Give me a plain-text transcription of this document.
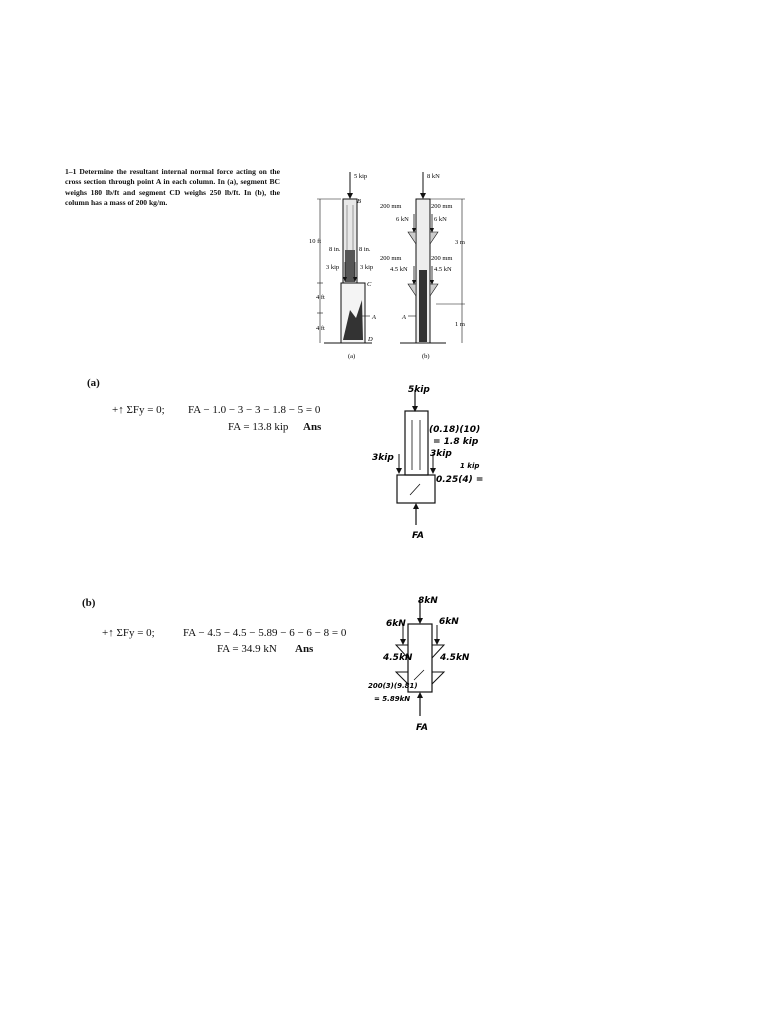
1–1 Determine the resultant internal normal force acting on the cross section through point A in each column. In (a), segment BC weighs 180 lb/ft and segment CD weighs 250 lb/ft. In (b), the column has a mass of 200 kg/m.
5 kip
B
C
A
D
3 kip	3 kip
8 in.	8 in.
10 ft
4 ft
4 ft
(a)
8 kN
200 mm	200 mm
6 kN	6 kN
200 mm	200 mm
4.5 kN	4.5 kN
3 m
1 m
A
(b)
(a)
+↑ ΣFy = 0; FA − 1.0 − 3 − 3 − 1.8 − 5 = 0
FA = 13.8 kip Ans
(b)
+↑ ΣFy = 0;	FA − 4.5 − 4.5 − 5.89 − 6 − 6 − 8 = 0
FA = 34.9 kN Ans
5kip
(0.18)(10)
= 1.8 kip
3kip	3kip
1 kip
0.25(4) =
FA
8kN
6kN	6kN
4.5kN	4.5kN
200(3)(9.81)
= 5.89kN
FA
